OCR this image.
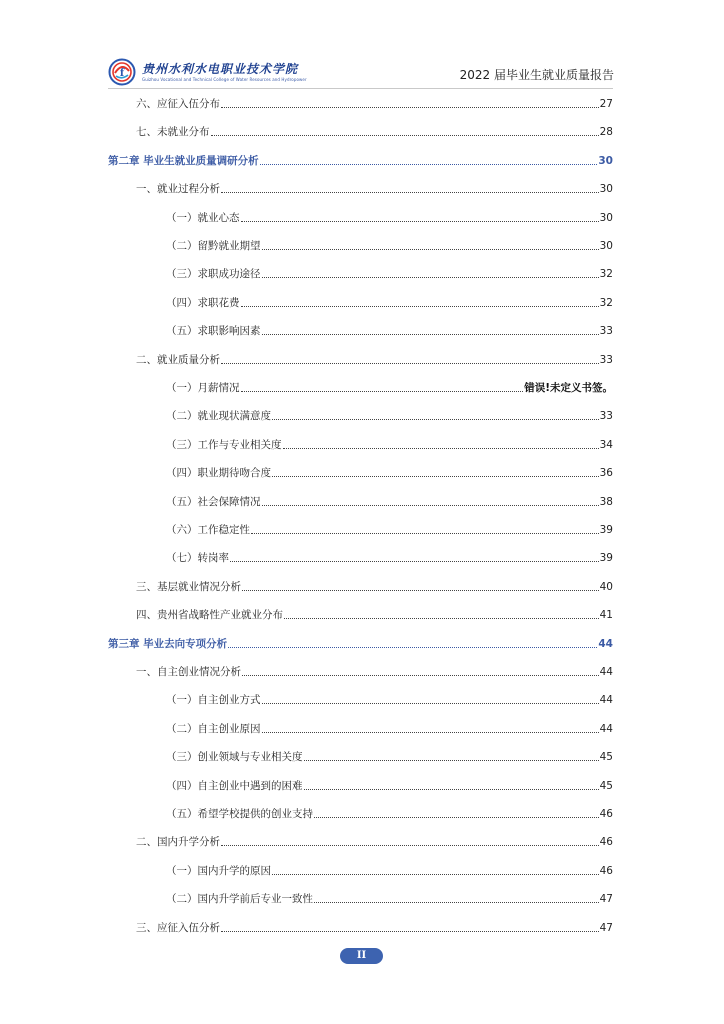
f 贵州水利水电职业技术学院
Guizhou Vocational and Technical College of Water Resources and Hydropower	2022 届毕业生就业质量报告
六、应征入伍分布	27
七、未就业分布	28
第二章 毕业生就业质量调研分析	30
一、就业过程分析	30
（一）就业心态	30
（二）留黔就业期望	30
（三）求职成功途径	32
（四）求职花费	32
（五）求职影响因素	33
二、就业质量分析	33
（一）月薪情况	错误!未定义书签。
（二）就业现状满意度	33
（三）工作与专业相关度	34
（四）职业期待吻合度	36
（五）社会保障情况	38
（六）工作稳定性	39
（七）转岗率	39
三、基层就业情况分析	40
四、贵州省战略性产业就业分布	41
第三章 毕业去向专项分析	44
一、自主创业情况分析	44
（一）自主创业方式	44
（二）自主创业原因	44
（三）创业领域与专业相关度	45
（四）自主创业中遇到的困难	45
（五）希望学校提供的创业支持	46
二、国内升学分析	46
（一）国内升学的原因	46
（二）国内升学前后专业一致性	47
三、应征入伍分析	47
II
